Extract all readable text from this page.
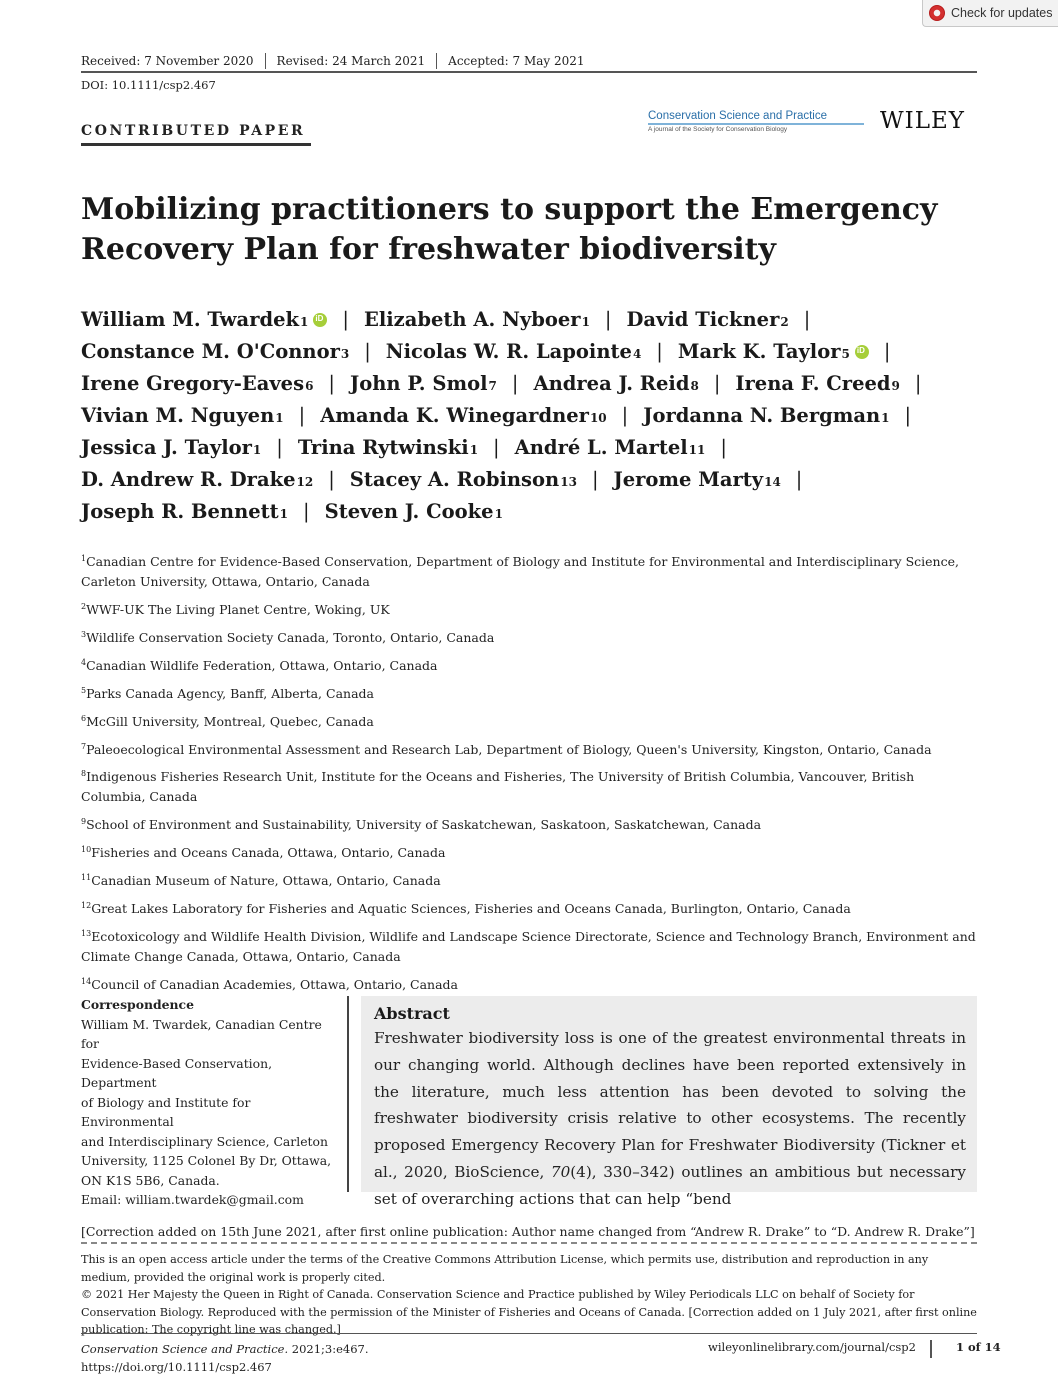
Check for updates
Received: 7 November 2020	Revised: 24 March 2021	Accepted: 7 May 2021
DOI: 10.1111/csp2.467
CONTRIBUTED PAPER
Conservation Science and Practice
A journal of the Society for Conservation Biology	WILEY
Mobilizing practitioners to support the Emergency
Recovery Plan for freshwater biodiversity
William M. Twardek 1 iD | Elizabeth A. Nyboer 1 | David Tickner 2 |
Constance M. O'Connor 3 | Nicolas W. R. Lapointe 4 | Mark K. Taylor 5 iD |
Irene Gregory-Eaves 6 | John P. Smol 7 | Andrea J. Reid 8 | Irena F. Creed 9 |
Vivian M. Nguyen 1 | Amanda K. Winegardner 10 | Jordanna N. Bergman 1 |
Jessica J. Taylor 1 | Trina Rytwinski 1 | André L. Martel 11 |
D. Andrew R. Drake 12 | Stacey A. Robinson 13 | Jerome Marty 14 |
Joseph R. Bennett 1 | Steven J. Cooke 1
$^1$Canadian Centre for Evidence-Based Conservation, Department of Biology and Institute for Environmental and Interdisciplinary Science, Carleton University, Ottawa, Ontario, Canada
$^2$WWF-UK The Living Planet Centre, Woking, UK
$^3$Wildlife Conservation Society Canada, Toronto, Ontario, Canada
$^4$Canadian Wildlife Federation, Ottawa, Ontario, Canada
$^5$Parks Canada Agency, Banff, Alberta, Canada
$^6$McGill University, Montreal, Quebec, Canada
$^7$Paleoecological Environmental Assessment and Research Lab, Department of Biology, Queen's University, Kingston, Ontario, Canada
$^8$Indigenous Fisheries Research Unit, Institute for the Oceans and Fisheries, The University of British Columbia, Vancouver, British Columbia, Canada
$^9$School of Environment and Sustainability, University of Saskatchewan, Saskatoon, Saskatchewan, Canada
$^{10}$Fisheries and Oceans Canada, Ottawa, Ontario, Canada
$^{11}$Canadian Museum of Nature, Ottawa, Ontario, Canada
$^{12}$Great Lakes Laboratory for Fisheries and Aquatic Sciences, Fisheries and Oceans Canada, Burlington, Ontario, Canada
$^{13}$Ecotoxicology and Wildlife Health Division, Wildlife and Landscape Science Directorate, Science and Technology Branch, Environment and Climate Change Canada, Ottawa, Ontario, Canada
$^{14}$Council of Canadian Academies, Ottawa, Ontario, Canada
Correspondence
William M. Twardek, Canadian Centre for
Evidence-Based Conservation, Department
of Biology and Institute for Environmental
and Interdisciplinary Science, Carleton
University, 1125 Colonel By Dr, Ottawa,
ON K1S 5B6, Canada.
Email: william.twardek@gmail.com
Abstract
Freshwater biodiversity loss is one of the greatest environmental threats in our changing world. Although declines have been reported extensively in the literature, much less attention has been devoted to solving the freshwater biodiversity crisis relative to other ecosystems. The recently proposed Emergency Recovery Plan for Freshwater Biodiversity (Tickner et al., 2020, BioScience, 70(4), 330–342) outlines an ambitious but necessary set of overarching actions that can help “bend
[Correction added on 15th June 2021, after first online publication: Author name changed from “Andrew R. Drake” to “D. Andrew R. Drake”]
This is an open access article under the terms of the Creative Commons Attribution License, which permits use, distribution and reproduction in any medium, provided the original work is properly cited.
© 2021 Her Majesty the Queen in Right of Canada. Conservation Science and Practice published by Wiley Periodicals LLC on behalf of Society for Conservation Biology. Reproduced with the permission of the Minister of Fisheries and Oceans of Canada. [Correction added on 1 July 2021, after first online publication: The copyright line was changed.]
Conservation Science and Practice. 2021;3:e467.
https://doi.org/10.1111/csp2.467
wileyonlinelibrary.com/journal/csp2	1 of 14
